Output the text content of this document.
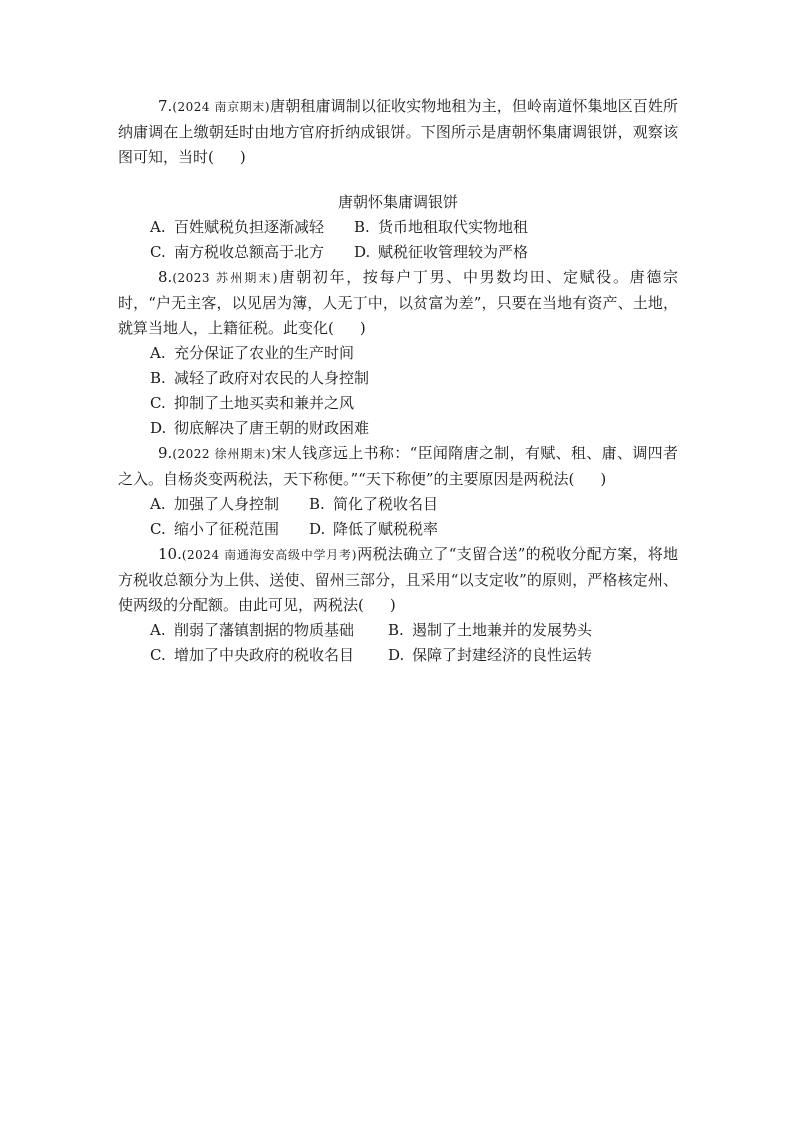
7.(2024 南京期末)唐朝租庸调制以征收实物地租为主，但岭南道怀集地区百姓所纳庸调在上缴朝廷时由地方官府折纳成银饼。下图所示是唐朝怀集庸调银饼，观察该图可知，当时( )

唐朝怀集庸调银饼

A. 百姓赋税负担逐渐减轻 B. 货币地租取代实物地租
C. 南方税收总额高于北方 D. 赋税征收管理较为严格

8.(2023 苏州期末)唐朝初年，按每户丁男、中男数均田、定赋役。唐德宗时，“户无主客，以见居为簿，人无丁中，以贫富为差”，只要在当地有资产、土地，就算当地人，上籍征税。此变化( )

A. 充分保证了农业的生产时间
B. 减轻了政府对农民的人身控制
C. 抑制了土地买卖和兼并之风
D. 彻底解决了唐王朝的财政困难

9.(2022 徐州期末)宋人钱彦远上书称：“臣闻隋唐之制，有赋、租、庸、调四者之入。自杨炎变两税法，天下称便。”“天下称便”的主要原因是两税法( )

A. 加强了人身控制 B. 简化了税收名目
C. 缩小了征税范围 D. 降低了赋税税率

10.(2024 南通海安高级中学月考)两税法确立了“支留合送”的税收分配方案，将地方税收总额分为上供、送使、留州三部分，且采用“以支定收”的原则，严格核定州、使两级的分配额。由此可见，两税法( )

A. 削弱了藩镇割据的物质基础 B. 遏制了土地兼并的发展势头
C. 增加了中央政府的税收名目 D. 保障了封建经济的良性运转
